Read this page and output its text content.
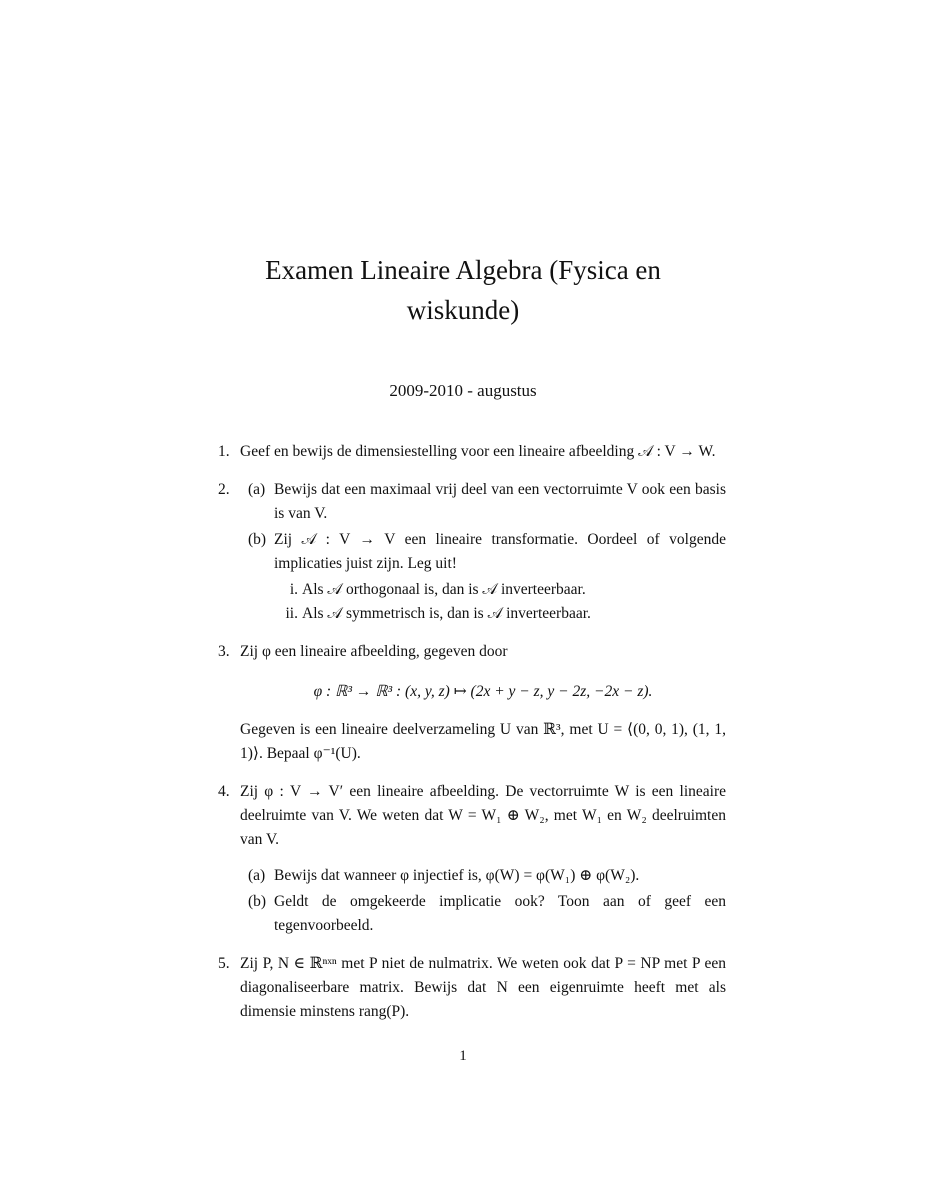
Examen Lineaire Algebra (Fysica en
wiskunde)
2009-2010 - augustus
1. Geef en bewijs de dimensiestelling voor een lineaire afbeelding 𝒜 : V → W.
2. (a) Bewijs dat een maximaal vrij deel van een vectorruimte V ook een basis is van V.
(b) Zij 𝒜 : V → V een lineaire transformatie. Oordeel of volgende implicaties juist zijn. Leg uit!
i. Als 𝒜 orthogonaal is, dan is 𝒜 inverteerbaar.
ii. Als 𝒜 symmetrisch is, dan is 𝒜 inverteerbaar.
3. Zij φ een lineaire afbeelding, gegeven door
φ : ℝ³ → ℝ³ : (x, y, z) ↦ (2x + y − z, y − 2z, −2x − z).
Gegeven is een lineaire deelverzameling U van ℝ³, met U = ⟨(0, 0, 1), (1, 1, 1)⟩. Bepaal φ⁻¹(U).
4. Zij φ : V → V′ een lineaire afbeelding. De vectorruimte W is een lineaire deelruimte van V. We weten dat W = W₁ ⊕ W₂, met W₁ en W₂ deelruimten van V.
(a) Bewijs dat wanneer φ injectief is, φ(W) = φ(W₁) ⊕ φ(W₂).
(b) Geldt de omgekeerde implicatie ook? Toon aan of geef een tegenvoorbeeld.
5. Zij P, N ∈ ℝⁿˣⁿ met P niet de nulmatrix. We weten ook dat P = NP met P een diagonaliseerbare matrix. Bewijs dat N een eigenruimte heeft met als dimensie minstens rang(P).
1
